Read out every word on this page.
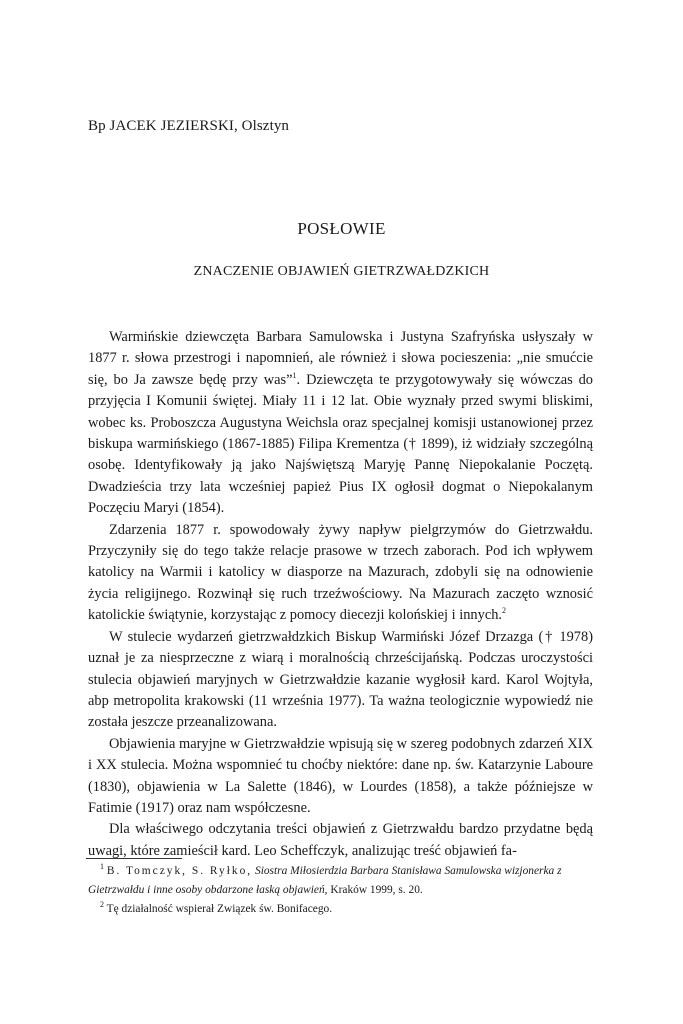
Bp JACEK JEZIERSKI, Olsztyn
POSŁOWIE
ZNACZENIE OBJAWIEŃ GIETRZWAŁDZKICH

Warmińskie dziewczęta Barbara Samulowska i Justyna Szafryńska usłyszały w 1877 r. słowa przestrogi i napomnień, ale również i słowa pocieszenia: „nie smućcie się, bo Ja zawsze będę przy was”$^1$. Dziewczęta te przygotowywały się wówczas do przyjęcia I Komunii świętej. Miały 11 i 12 lat. Obie wyznały przed swymi bliskimi, wobec ks. Proboszcza Augustyna Weichsla oraz specjalnej komisji ustanowionej przez biskupa warmińskiego (1867-1885) Filipa Krementza († 1899), iż widziały szczególną osobę. Identyfikowały ją jako Najświętszą Maryję Pannę Niepokalanie Poczętą. Dwadzieścia trzy lata wcześniej papież Pius IX ogłosił dogmat o Niepokalanym Poczęciu Maryi (1854).

Zdarzenia 1877 r. spowodowały żywy napływ pielgrzymów do Gietrzwałdu. Przyczyniły się do tego także relacje prasowe w trzech zaborach. Pod ich wpływem katolicy na Warmii i katolicy w diasporze na Mazurach, zdobyli się na odnowienie życia religijnego. Rozwinął się ruch trzeźwościowy. Na Mazurach zaczęto wznosić katolickie świątynie, korzystając z pomocy diecezji kolońskiej i innych.$^2$

W stulecie wydarzeń gietrzwałdzkich Biskup Warmiński Józef Drzazga († 1978) uznał je za niesprzeczne z wiarą i moralnością chrześcijańską. Podczas uroczystości stulecia objawień maryjnych w Gietrzwałdzie kazanie wygłosił kard. Karol Wojtyła, abp metropolita krakowski (11 września 1977). Ta ważna teologicznie wypowiedź nie została jeszcze przeanalizowana.

Objawienia maryjne w Gietrzwałdzie wpisują się w szereg podobnych zdarzeń XIX i XX stulecia. Można wspomnieć tu choćby niektóre: dane np. św. Katarzynie Laboure (1830), objawienia w La Salette (1846), w Lourdes (1858), a także późniejsze w Fatimie (1917) oraz nam współczesne.

Dla właściwego odczytania treści objawień z Gietrzwałdu bardzo przydatne będą uwagi, które zamieścił kard. Leo Scheffczyk, analizując treść objawień fa-

$^1$ B. Tomczyk, S. Ryłko, Siostra Miłosierdzia Barbara Stanisława Samulowska wizjonerka z Gietrzwałdu i inne osoby obdarzone łaską objawień, Kraków 1999, s. 20.

$^2$ Tę działalność wspierał Związek św. Bonifacego.
